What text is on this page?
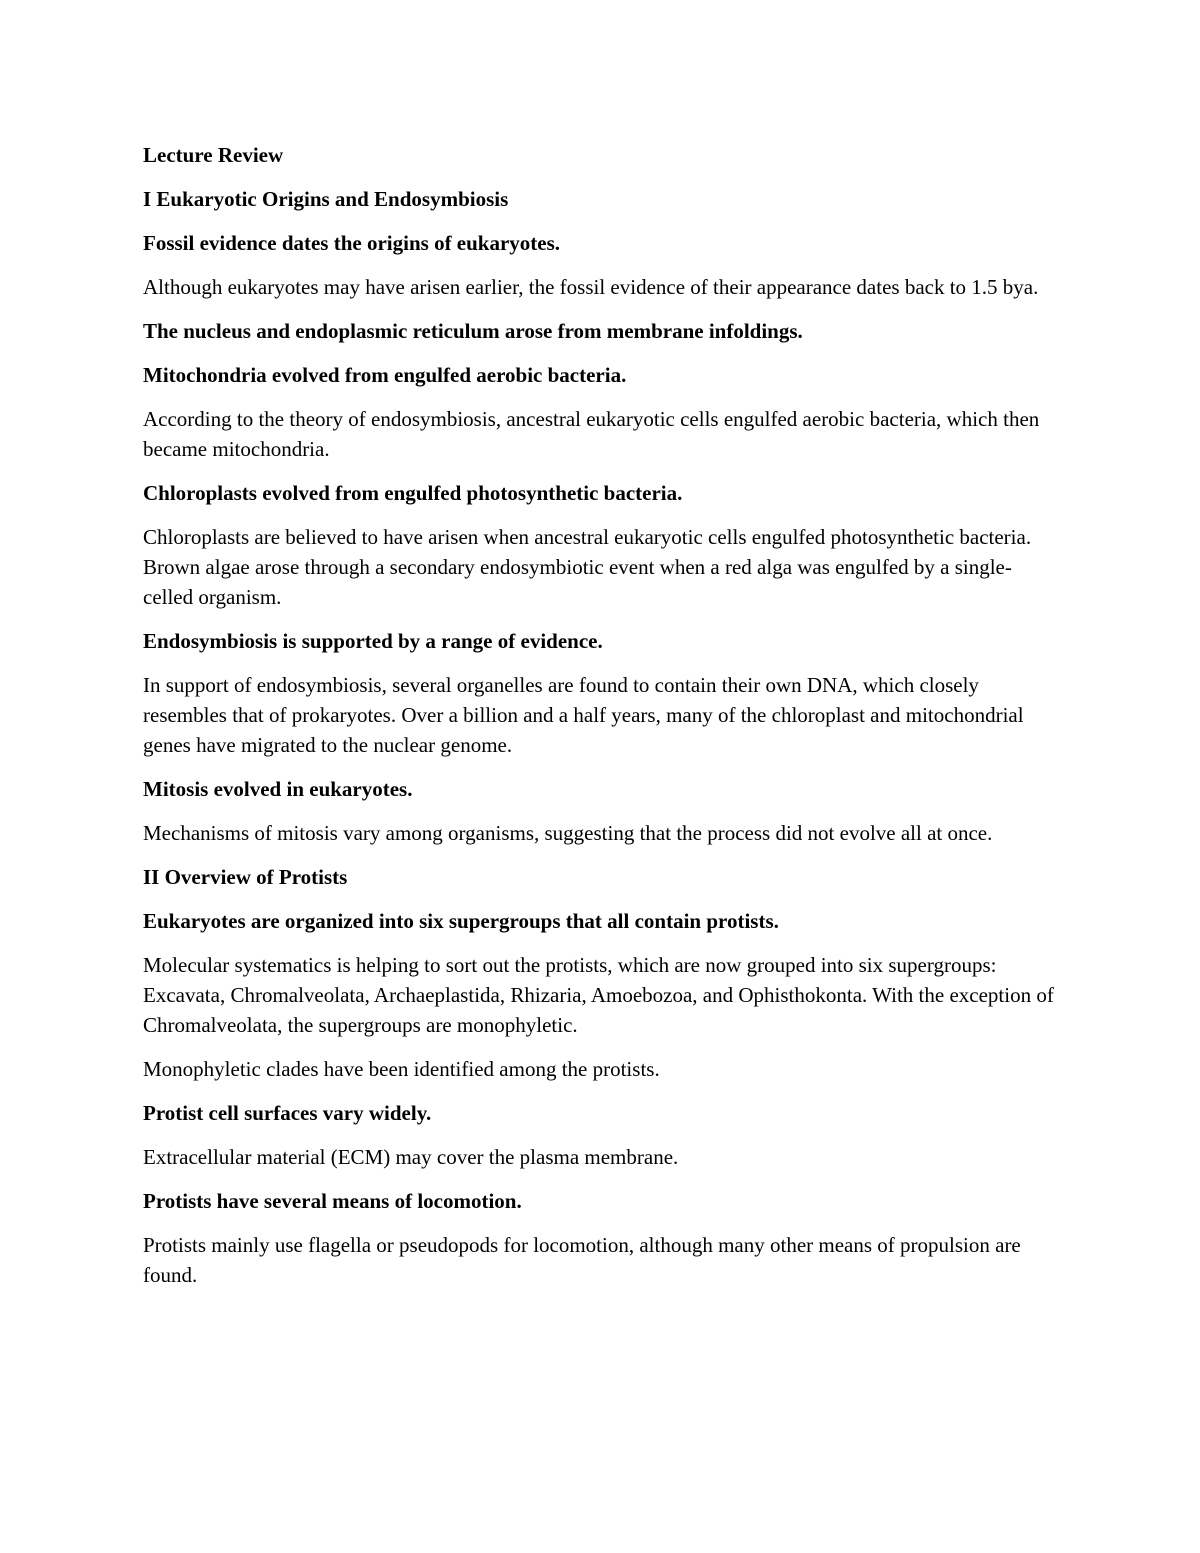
Lecture Review

I Eukaryotic Origins and Endosymbiosis

Fossil evidence dates the origins of eukaryotes.

Although eukaryotes may have arisen earlier, the fossil evidence of their appearance dates back to 1.5 bya.

The nucleus and endoplasmic reticulum arose from membrane infoldings.

Mitochondria evolved from engulfed aerobic bacteria.

According to the theory of endosymbiosis, ancestral eukaryotic cells engulfed aerobic bacteria, which then became mitochondria.

Chloroplasts evolved from engulfed photosynthetic bacteria.

Chloroplasts are believed to have arisen when ancestral eukaryotic cells engulfed photosynthetic bacteria. Brown algae arose through a secondary endosymbiotic event when a red alga was engulfed by a single-celled organism.

Endosymbiosis is supported by a range of evidence.

In support of endosymbiosis, several organelles are found to contain their own DNA, which closely resembles that of prokaryotes. Over a billion and a half years, many of the chloroplast and mitochondrial genes have migrated to the nuclear genome.

Mitosis evolved in eukaryotes.

Mechanisms of mitosis vary among organisms, suggesting that the process did not evolve all at once.

II Overview of Protists

Eukaryotes are organized into six supergroups that all contain protists.

Molecular systematics is helping to sort out the protists, which are now grouped into six supergroups: Excavata, Chromalveolata, Archaeplastida, Rhizaria, Amoebozoa, and Ophisthokonta. With the exception of Chromalveolata, the supergroups are monophyletic.

Monophyletic clades have been identified among the protists.

Protist cell surfaces vary widely.

Extracellular material (ECM) may cover the plasma membrane.

Protists have several means of locomotion.

Protists mainly use flagella or pseudopods for locomotion, although many other means of propulsion are found.
